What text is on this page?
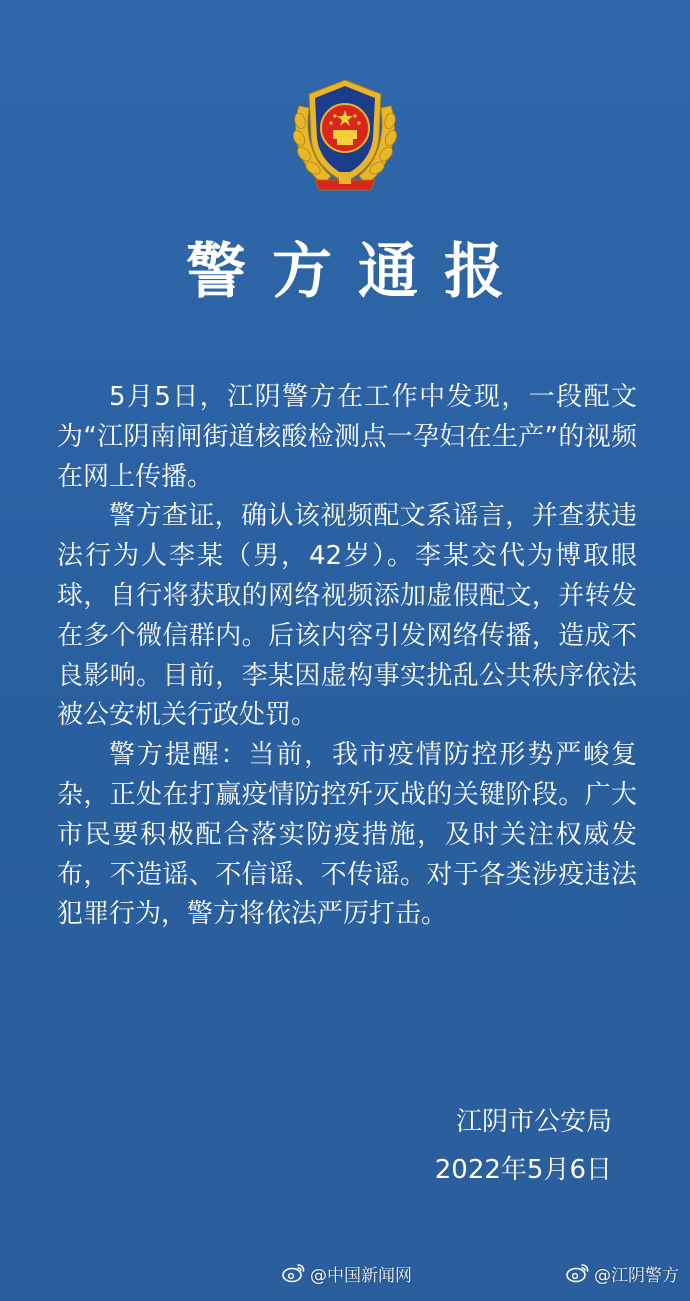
警方通报

5月5日，江阴警方在工作中发现，一段配文为“江阴南闸街道核酸检测点一孕妇在生产”的视频在网上传播。

警方查证，确认该视频配文系谣言，并查获违法行为人李某（男，42岁）。李某交代为博取眼球，自行将获取的网络视频添加虚假配文，并转发在多个微信群内。后该内容引发网络传播，造成不良影响。目前，李某因虚构事实扰乱公共秩序依法被公安机关行政处罚。

警方提醒：当前，我市疫情防控形势严峻复杂，正处在打赢疫情防控歼灭战的关键阶段。广大市民要积极配合落实防疫措施，及时关注权威发布，不造谣、不信谣、不传谣。对于各类涉疫违法犯罪行为，警方将依法严厉打击。

江阴市公安局
2022年5月6日
@中国新闻网	@江阴警方
